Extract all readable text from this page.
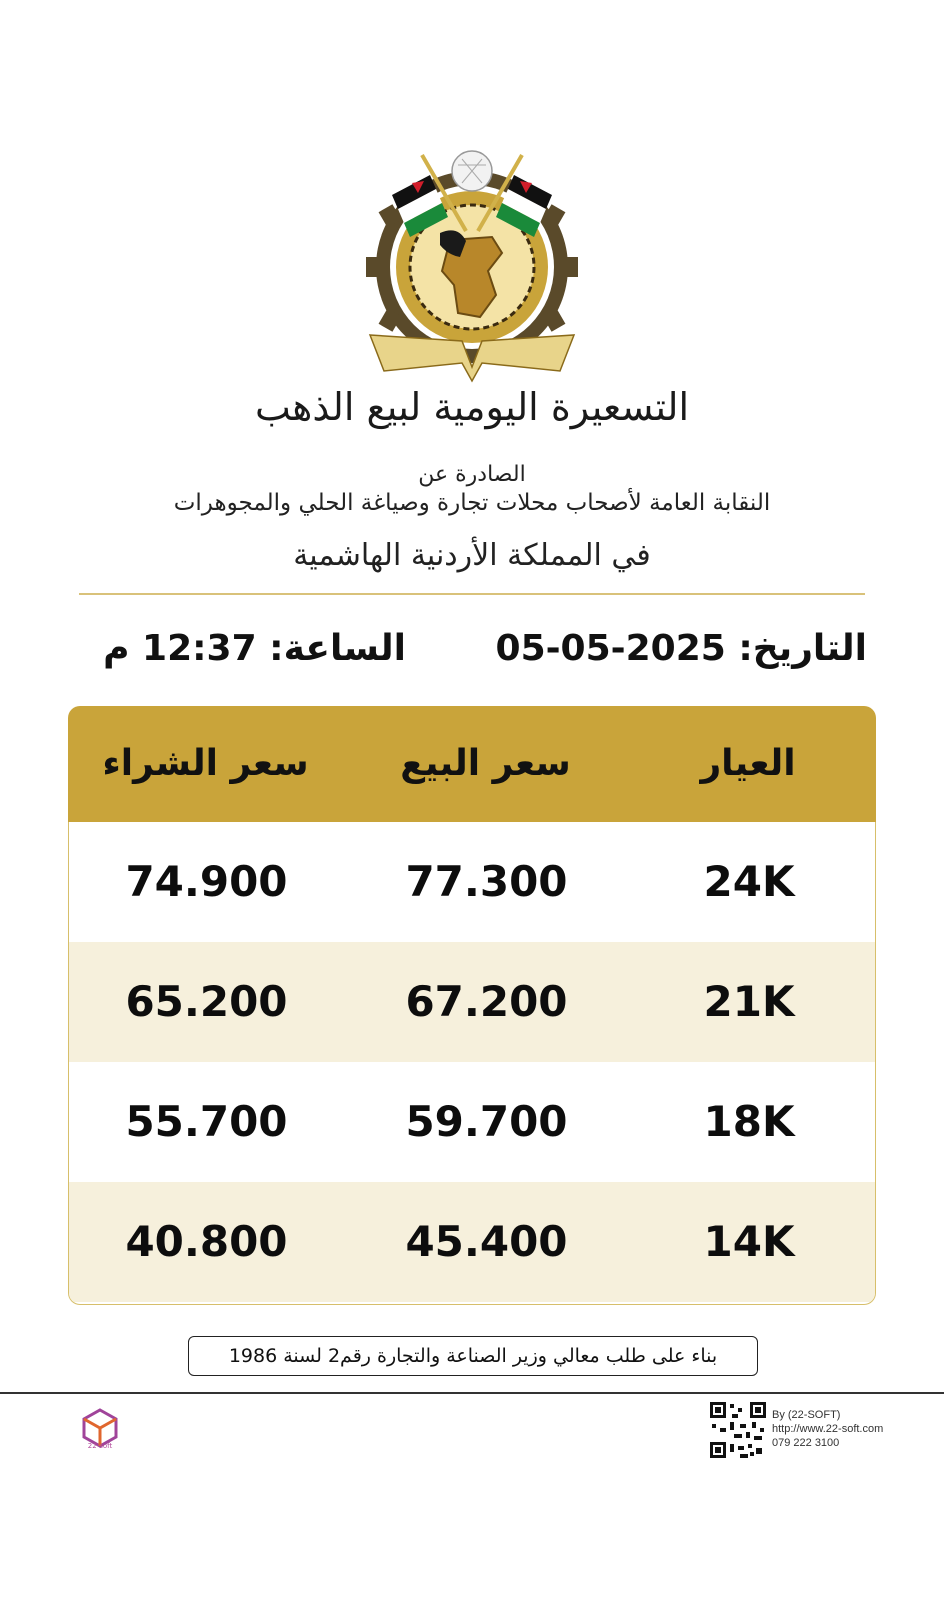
التسعيرة اليومية لبيع الذهب
الصادرة عن
النقابة العامة لأصحاب محلات تجارة وصياغة الحلي والمجوهرات
في المملكة الأردنية الهاشمية
التاريخ: 05-05-2025
الساعة: 12:37 م
العيار
سعر البيع
سعر الشراء
24K
77.300
74.900
21K
67.200
65.200
18K
59.700
55.700
14K
45.400
40.800
بناء على طلب معالي وزير الصناعة والتجارة رقم2 لسنة 1986
22-soft
By (22-SOFT)
http://www.22-soft.com
079 222 3100
